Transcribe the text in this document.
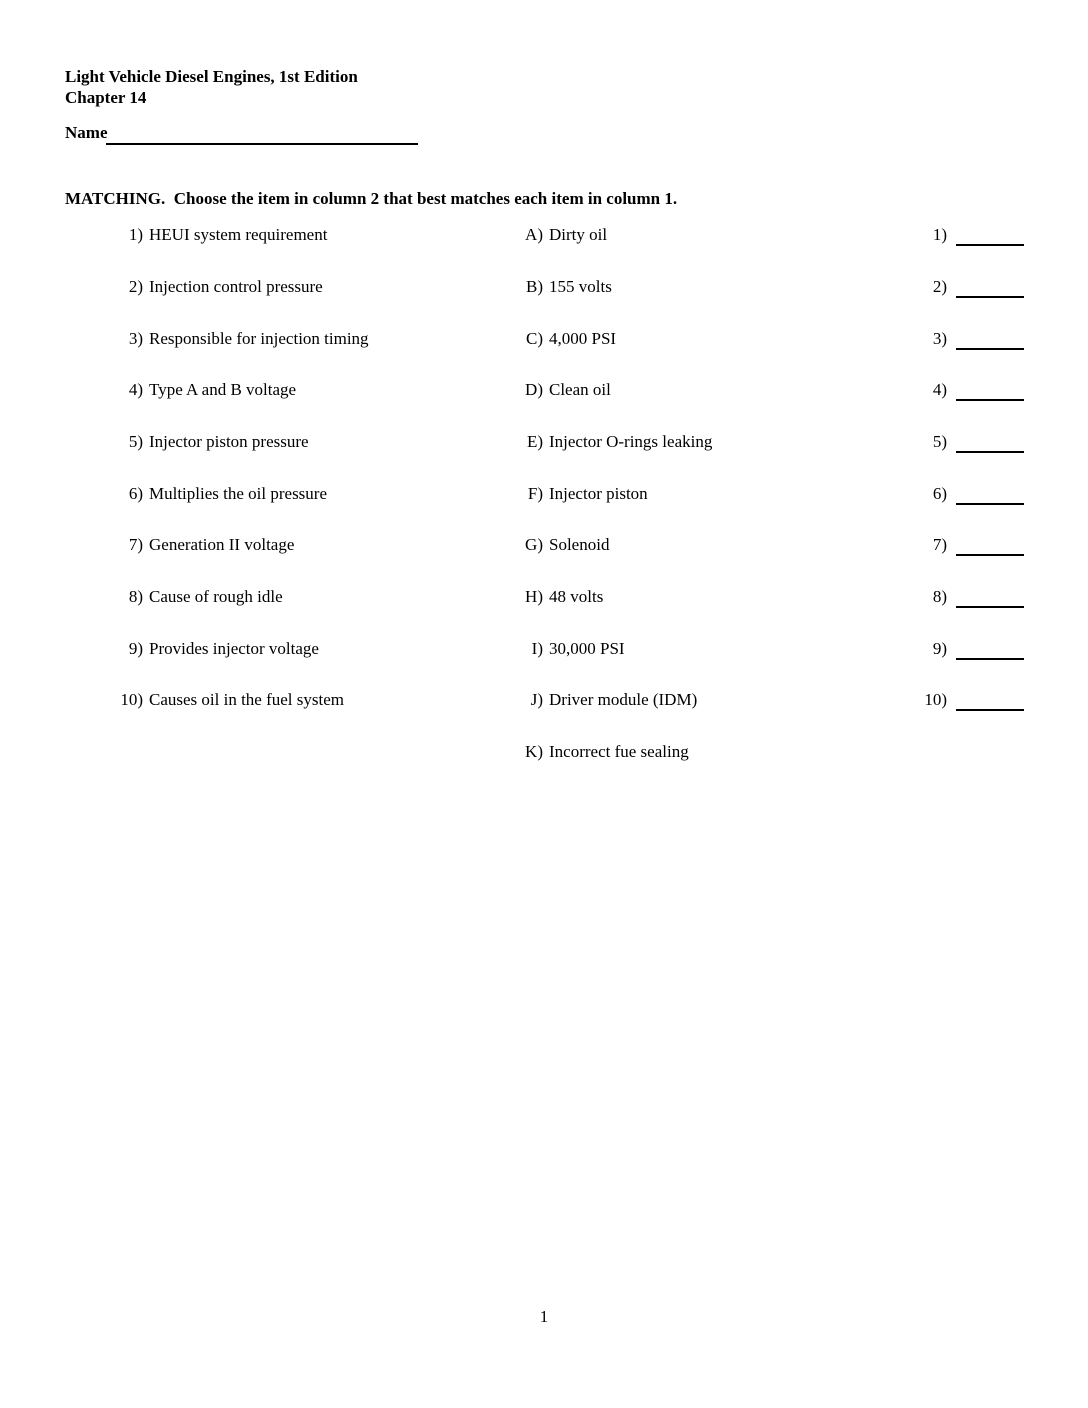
Light Vehicle Diesel Engines, 1st Edition
Chapter 14
Name
MATCHING.  Choose the item in column 2 that best matches each item in column 1.
1) HEUI system requirement	A) Dirty oil	1)
2) Injection control pressure	B) 155 volts	2)
3) Responsible for injection timing	C) 4,000 PSI	3)
4) Type A and B voltage	D) Clean oil	4)
5) Injector piston pressure	E) Injector O-rings leaking	5)
6) Multiplies the oil pressure	F) Injector piston	6)
7) Generation II voltage	G) Solenoid	7)
8) Cause of rough idle	H) 48 volts	8)
9) Provides injector voltage	I) 30,000 PSI	9)
10) Causes oil in the fuel system	J) Driver module (IDM)	10)
K) Incorrect fue sealing
1
